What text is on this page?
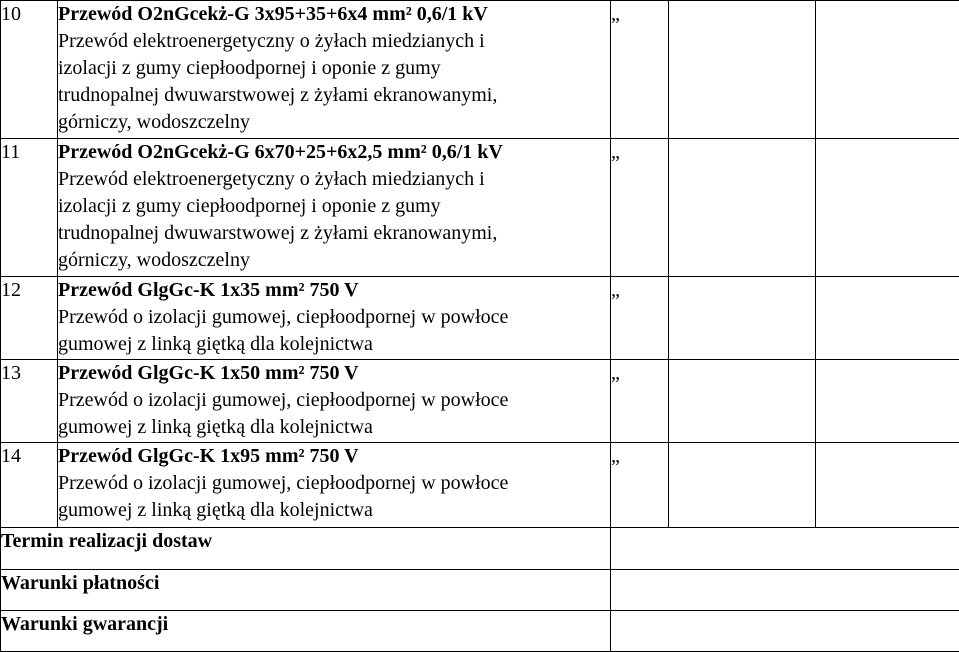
10	Przewód O2nGcekż-G 3x95+35+6x4 mm² 0,6/1 kV
Przewód elektroenergetyczny o żyłach miedzianych i
izolacji z gumy ciepłoodpornej i oponie z gumy
trudnopalnej dwuwarstwowej z żyłami ekranowanymi,
górniczy, wodoszczelny	„		
11	Przewód O2nGcekż-G 6x70+25+6x2,5 mm² 0,6/1 kV
Przewód elektroenergetyczny o żyłach miedzianych i
izolacji z gumy ciepłoodpornej i oponie z gumy
trudnopalnej dwuwarstwowej z żyłami ekranowanymi,
górniczy, wodoszczelny	„		
12	Przewód GlgGc-K 1x35 mm² 750 V
Przewód o izolacji gumowej, ciepłoodpornej w powłoce
gumowej z linką giętką dla kolejnictwa	„		
13	Przewód GlgGc-K 1x50 mm² 750 V
Przewód o izolacji gumowej, ciepłoodpornej w powłoce
gumowej z linką giętką dla kolejnictwa	„		
14	Przewód GlgGc-K 1x95 mm² 750 V
Przewód o izolacji gumowej, ciepłoodpornej w powłoce
gumowej z linką giętką dla kolejnictwa	„		
Termin realizacji dostaw				
Warunki płatności				
Warunki gwarancji				
